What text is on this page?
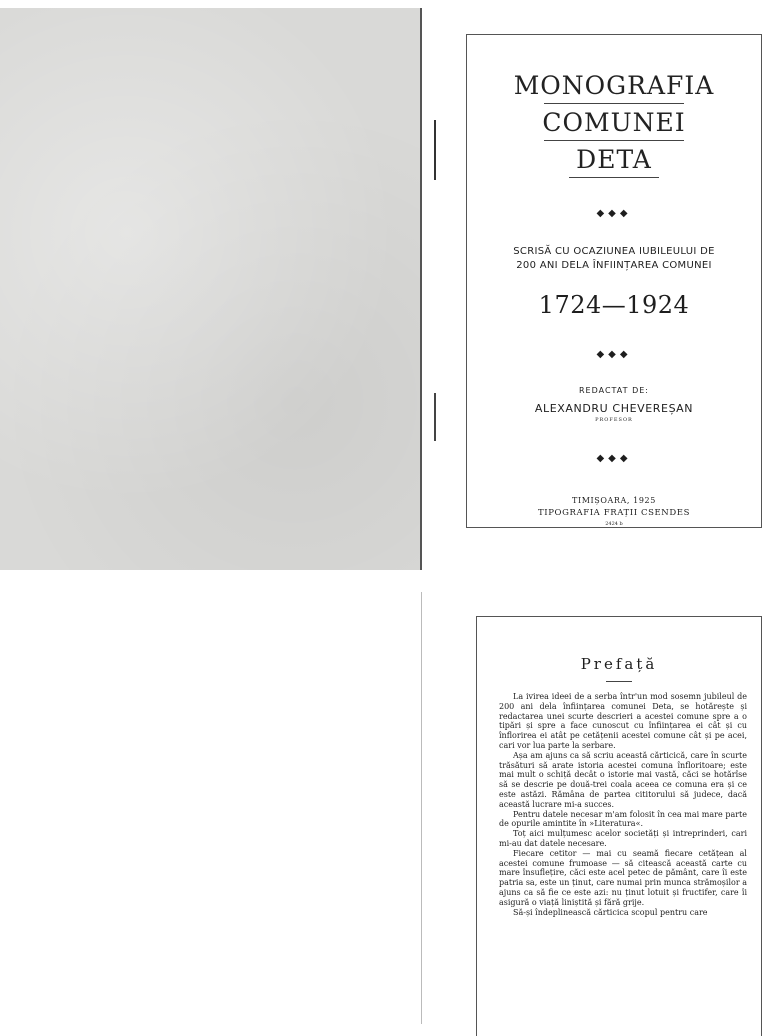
MONOGRAFIA
COMUNEI
DETA
◆◆◆
SCRISĂ CU OCAZIUNEA IUBILEULUI DE
200 ANI DELA ÎNFIINȚAREA COMUNEI
1724—1924
◆◆◆
REDACTAT DE:
ALEXANDRU CHEVEREȘAN
PROFESOR
◆◆◆
TIMIȘOARA, 1925
TIPOGRAFIA FRAȚII CSENDES
2424 b
Prefață

La ivirea ideei de a serba într'un mod sosemn jubileul de 200 ani dela înființarea comunei Deta, se hotărește și redactarea unei scurte descrieri a acestei comune spre a o tipări și spre a face cunoscut cu înființarea ei cât și cu înflorirea ei atât pe cetățenii acestei comune cât și pe acei, cari vor lua parte la serbare.

Așa am ajuns ca să scriu această cărticică, care în scurte trăsături să arate istoria acestei comuna înfloritoare; este mai mult o schiță decât o istorie mai vastă, căci se hotărîse să se descrie pe două-trei coala aceea ce comuna era și ce este astăzi. Rămâna de partea cititorului să judece, dacă această lucrare mi-a succes.

Pentru datele necesar m'am folosit în cea mai mare parte de opurile amintite în »Literatura«.

Toț aici mulțumesc acelor societăți și intreprinderi, cari mi-au dat datele necesare.

Fiecare cetitor — mai cu seamă fiecare cetățean al acestei comune frumoase — să citească această carte cu mare însuflețire, căci este acel petec de pământ, care îi este patria sa, este un ținut, care numai prin munca strămoșilor a ajuns ca să fie ce este azi: nu ținut lotuit și fructifer, care îi asigură o viață liniștită și fără grije.

Să-și îndeplinească cărticica scopul pentru care
